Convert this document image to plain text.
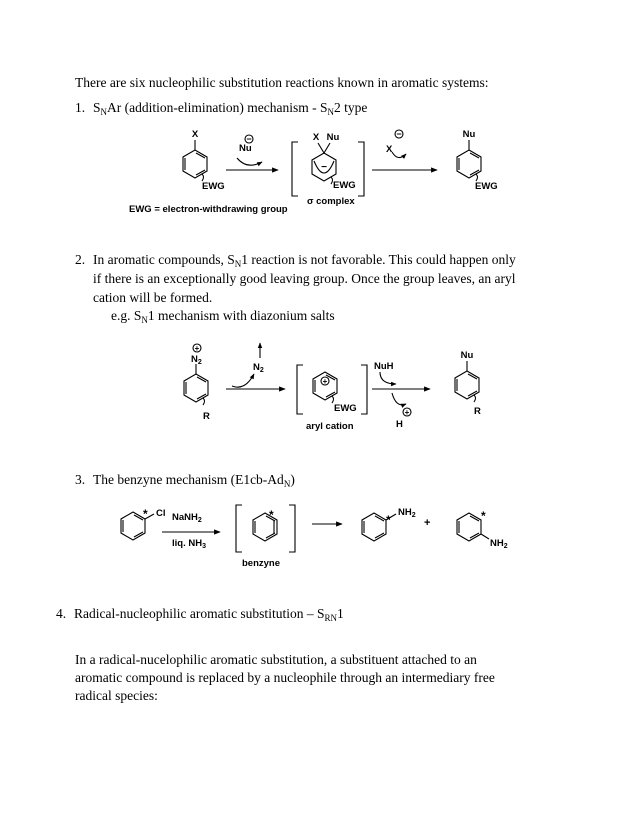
There are six nucleophilic substitution reactions known in aromatic systems:
1. $S_NAr$ (addition-elimination) mechanism - $S_N2$ type
2. In aromatic compounds, $S_N1$ reaction is not favorable. This could happen only
if there is an exceptionally good leaving group. Once the group leaves, an aryl
cation will be formed.
e.g. $S_N1$ mechanism with diazonium salts
3. The benzyne mechanism $(E1cb-Ad_N)$
4. Radical-nucleophilic aromatic substitution – $S_{RN}1$
In a radical-nucelophilic aromatic substitution, a substituent attached to an
aromatic compound is replaced by a nucleophile through an intermediary free
radical species:
X
EWG
Nu
−	X Nu
−
EWG
σ complex
X
−	Nu
EWG
EWG = electron-withdrawing group
+
$N_2$
R
$N_2$
+
EWG
aryl cation
NuH
H
+
Nu
R
* Cl NaNH$_2$
liq. $NH_3$
*
benzyne
*
$NH_2$
+	*
$NH_2$
